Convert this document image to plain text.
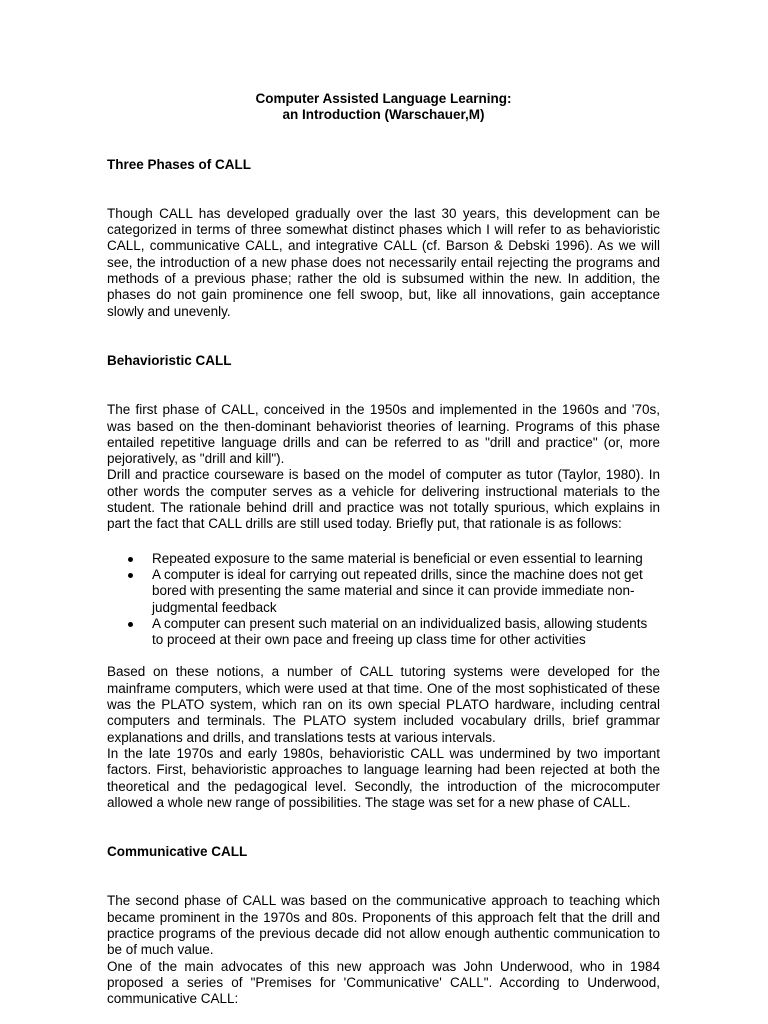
Computer Assisted Language Learning:

an Introduction (Warschauer,M)

Three Phases of CALL

Though CALL has developed gradually over the last 30 years, this development can be categorized in terms of three somewhat distinct phases which I will refer to as behavioristic CALL, communicative CALL, and integrative CALL (cf. Barson & Debski 1996). As we will see, the introduction of a new phase does not necessarily entail rejecting the programs and methods of a previous phase; rather the old is subsumed within the new. In addition, the phases do not gain prominence one fell swoop, but, like all innovations, gain acceptance slowly and unevenly.

Behavioristic CALL

The first phase of CALL, conceived in the 1950s and implemented in the 1960s and '70s, was based on the then-dominant behaviorist theories of learning. Programs of this phase entailed repetitive language drills and can be referred to as "drill and practice" (or, more pejoratively, as "drill and kill").

Drill and practice courseware is based on the model of computer as tutor (Taylor, 1980). In other words the computer serves as a vehicle for delivering instructional materials to the student. The rationale behind drill and practice was not totally spurious, which explains in part the fact that CALL drills are still used today. Briefly put, that rationale is as follows:

Repeated exposure to the same material is beneficial or even essential to learning
A computer is ideal for carrying out repeated drills, since the machine does not get bored with presenting the same material and since it can provide immediate non-judgmental feedback
A computer can present such material on an individualized basis, allowing students to proceed at their own pace and freeing up class time for other activities

Based on these notions, a number of CALL tutoring systems were developed for the mainframe computers, which were used at that time. One of the most sophisticated of these was the PLATO system, which ran on its own special PLATO hardware, including central computers and terminals. The PLATO system included vocabulary drills, brief grammar explanations and drills, and translations tests at various intervals.

In the late 1970s and early 1980s, behavioristic CALL was undermined by two important factors. First, behavioristic approaches to language learning had been rejected at both the theoretical and the pedagogical level. Secondly, the introduction of the microcomputer allowed a whole new range of possibilities. The stage was set for a new phase of CALL.

Communicative CALL

The second phase of CALL was based on the communicative approach to teaching which became prominent in the 1970s and 80s. Proponents of this approach felt that the drill and practice programs of the previous decade did not allow enough authentic communication to be of much value.

One of the main advocates of this new approach was John Underwood, who in 1984 proposed a series of "Premises for 'Communicative' CALL". According to Underwood, communicative CALL:
